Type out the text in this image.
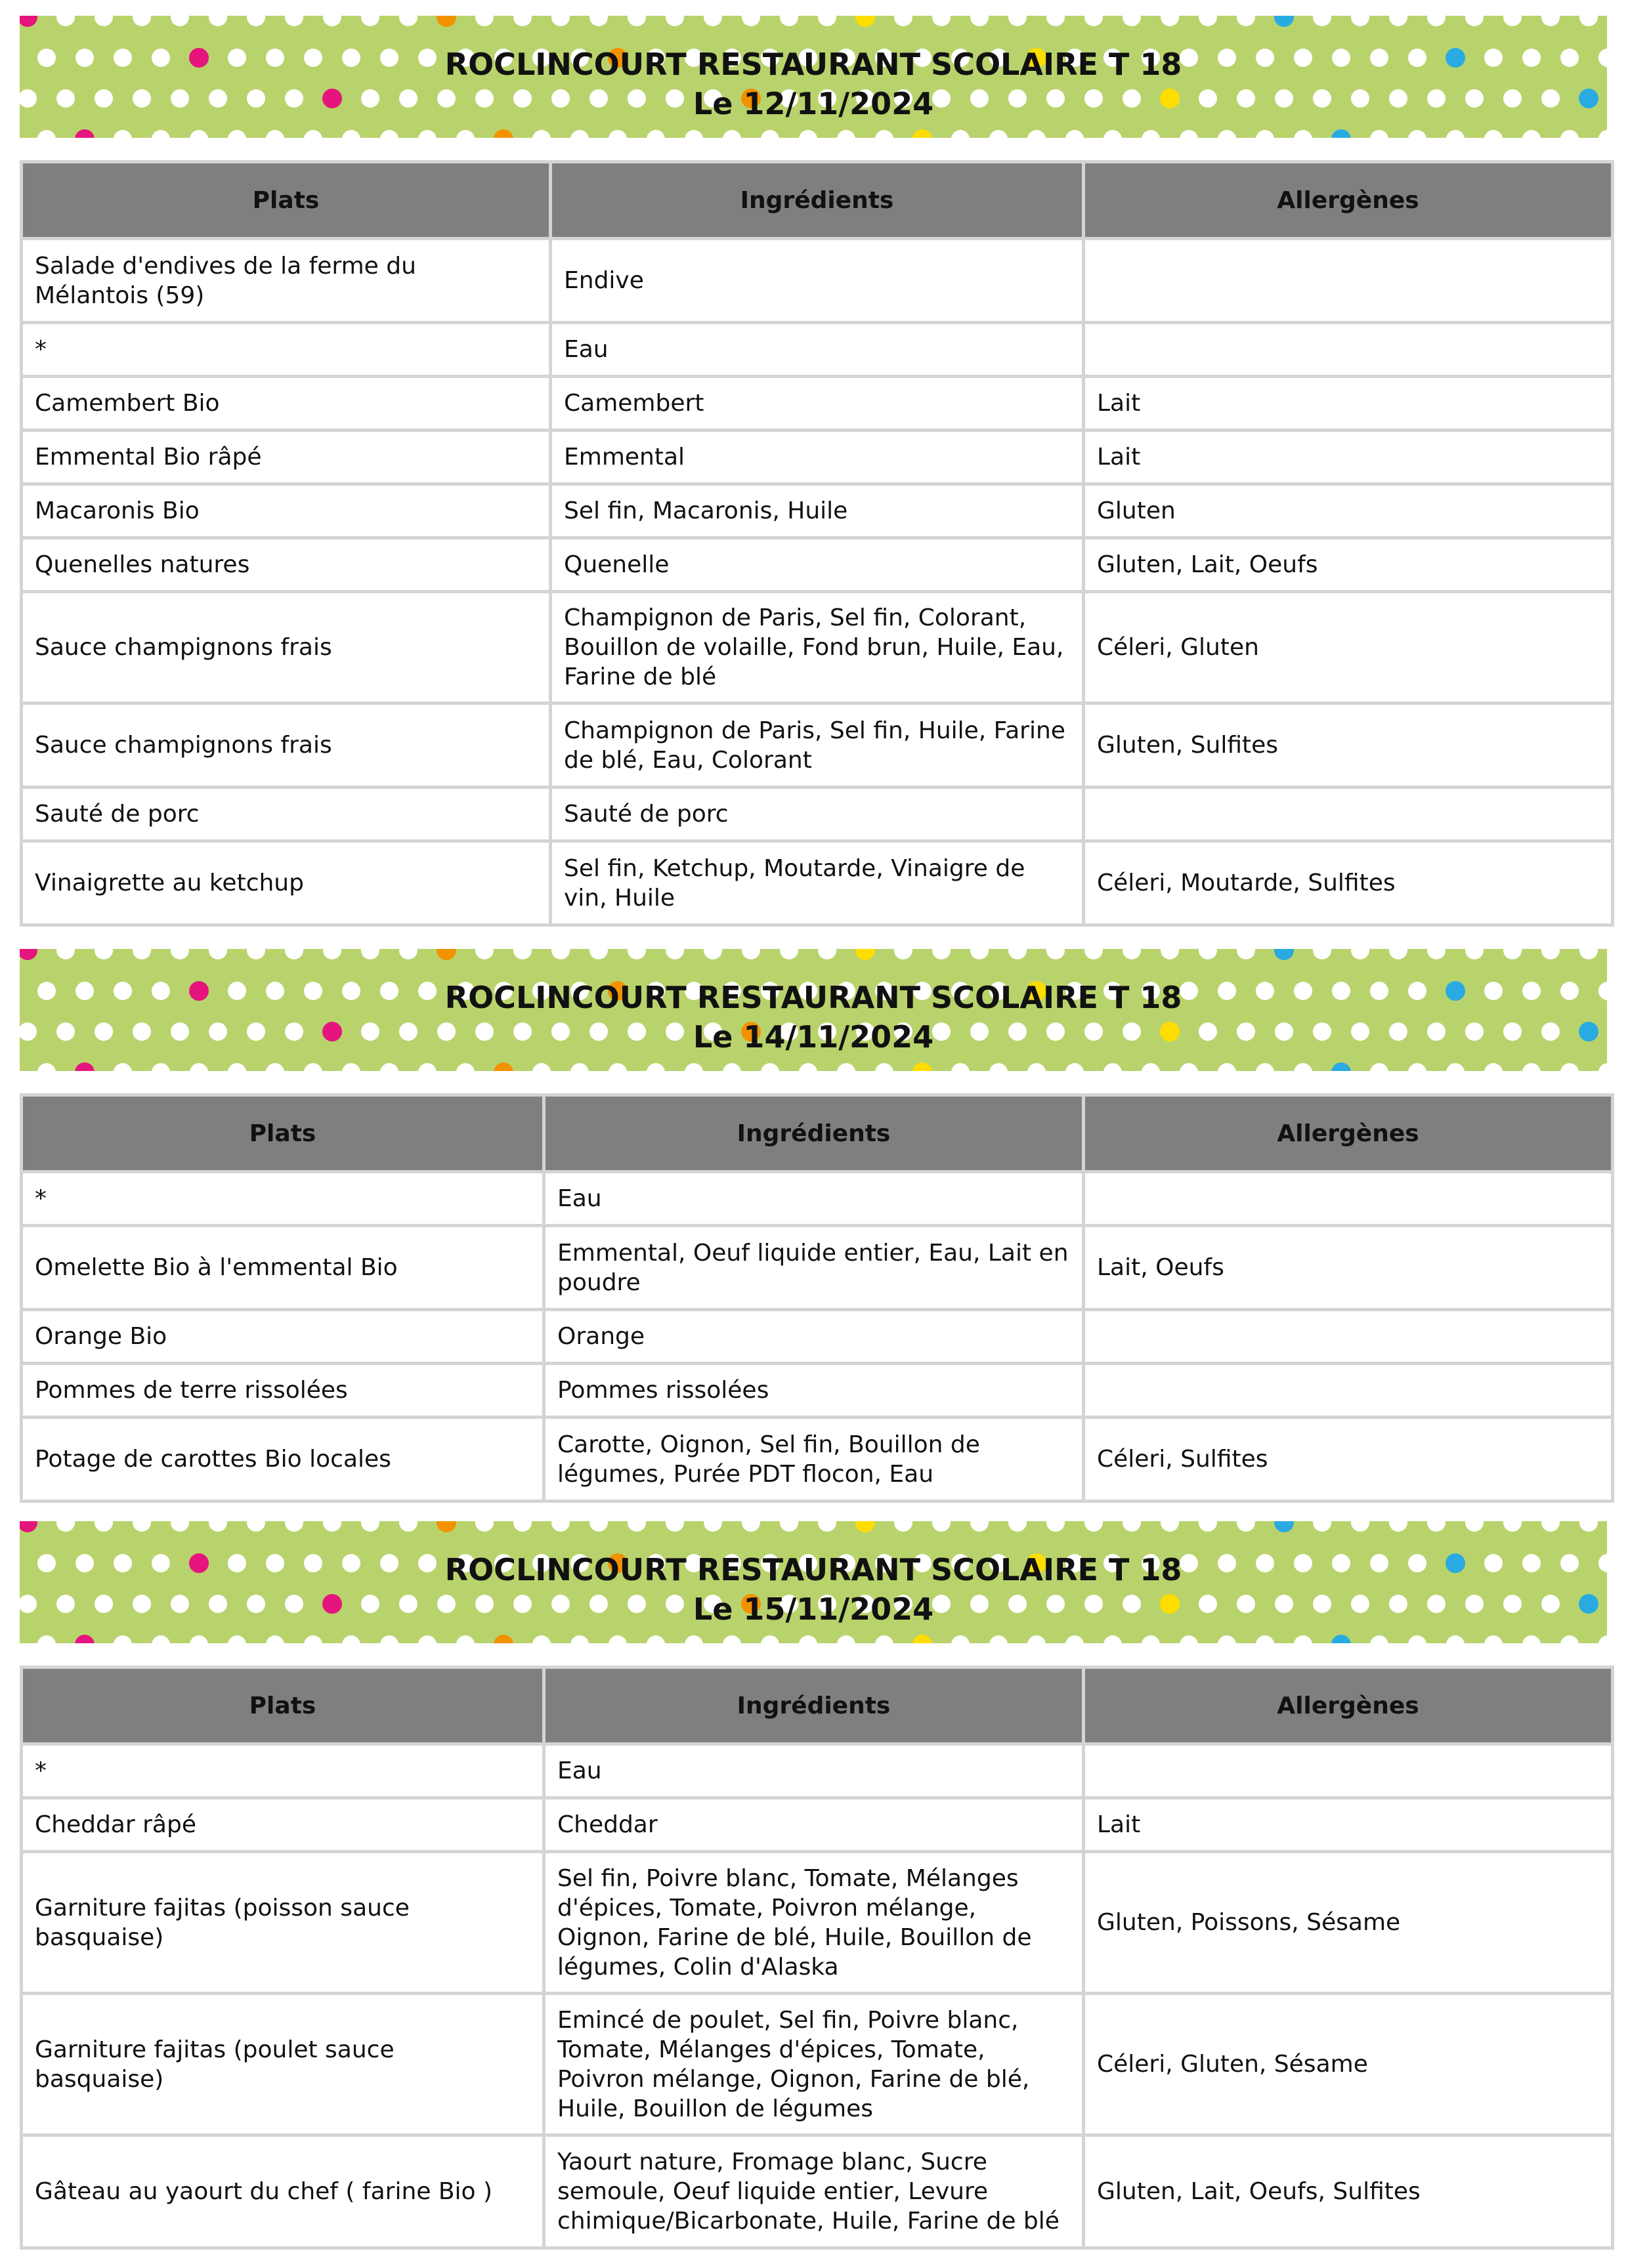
ROCLINCOURT RESTAURANT SCOLAIRE T 18
Le 12/11/2024
Plats	Ingrédients	Allergènes
Salade d'endives de la ferme du Mélantois (59)	Endive	
*	Eau	
Camembert Bio	Camembert	Lait
Emmental Bio râpé	Emmental	Lait
Macaronis Bio	Sel fin, Macaronis, Huile	Gluten
Quenelles natures	Quenelle	Gluten, Lait, Oeufs
Sauce champignons frais	Champignon de Paris, Sel fin, Colorant, Bouillon de volaille, Fond brun, Huile, Eau, Farine de blé	Céleri, Gluten
Sauce champignons frais	Champignon de Paris, Sel fin, Huile, Farine de blé, Eau, Colorant	Gluten, Sulfites
Sauté de porc	Sauté de porc	
Vinaigrette au ketchup	Sel fin, Ketchup, Moutarde, Vinaigre de vin, Huile	Céleri, Moutarde, Sulfites
ROCLINCOURT RESTAURANT SCOLAIRE T 18
Le 14/11/2024
Plats	Ingrédients	Allergènes
*	Eau	
Omelette Bio à l'emmental Bio	Emmental, Oeuf liquide entier, Eau, Lait en poudre	Lait, Oeufs
Orange Bio	Orange	
Pommes de terre rissolées	Pommes rissolées	
Potage de carottes Bio locales	Carotte, Oignon, Sel fin, Bouillon de légumes, Purée PDT flocon, Eau	Céleri, Sulfites
ROCLINCOURT RESTAURANT SCOLAIRE T 18
Le 15/11/2024
Plats	Ingrédients	Allergènes
*	Eau	
Cheddar râpé	Cheddar	Lait
Garniture fajitas (poisson sauce basquaise)	Sel fin, Poivre blanc, Tomate, Mélanges d'épices, Tomate, Poivron mélange, Oignon, Farine de blé, Huile, Bouillon de légumes, Colin d'Alaska	Gluten, Poissons, Sésame
Garniture fajitas (poulet sauce basquaise)	Emincé de poulet, Sel fin, Poivre blanc, Tomate, Mélanges d'épices, Tomate, Poivron mélange, Oignon, Farine de blé, Huile, Bouillon de légumes	Céleri, Gluten, Sésame
Gâteau au yaourt du chef ( farine Bio )	Yaourt nature, Fromage blanc, Sucre semoule, Oeuf liquide entier, Levure chimique/Bicarbonate, Huile, Farine de blé	Gluten, Lait, Oeufs, Sulfites
